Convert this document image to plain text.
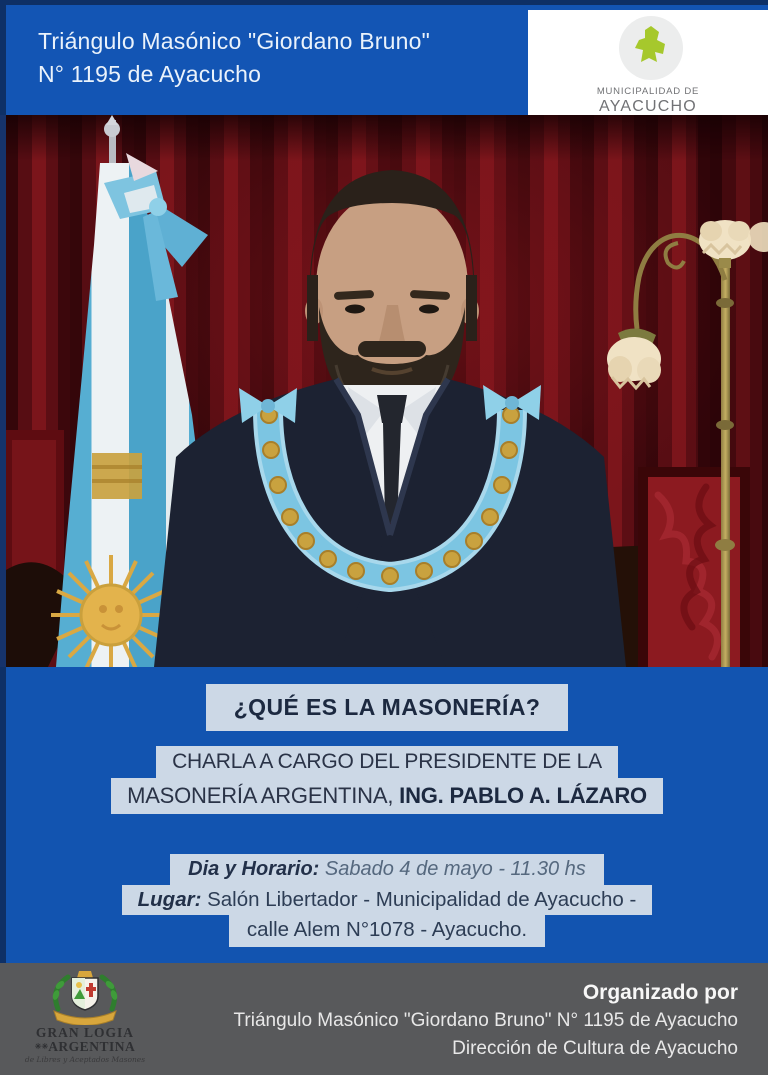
Triángulo Masónico "Giordano Bruno"
N° 1195 de Ayacucho
MUNICIPALIDAD DE
AYACUCHO
¿QUÉ ES LA MASONERÍA?
CHARLA A CARGO DEL PRESIDENTE DE LA
MASONERÍA ARGENTINA, ING. PABLO A. LÁZARO
Dia y Horario: Sabado 4 de mayo - 11.30 hs
Lugar: Salón Libertador - Municipalidad de Ayacucho -
calle Alem N°1078 - Ayacucho.
GRAN LOGIA
✳✳ARGENTINA
de Libres y Aceptados Masones
Organizado por
Triángulo Masónico "Giordano Bruno" N° 1195 de Ayacucho
Dirección de Cultura de Ayacucho
